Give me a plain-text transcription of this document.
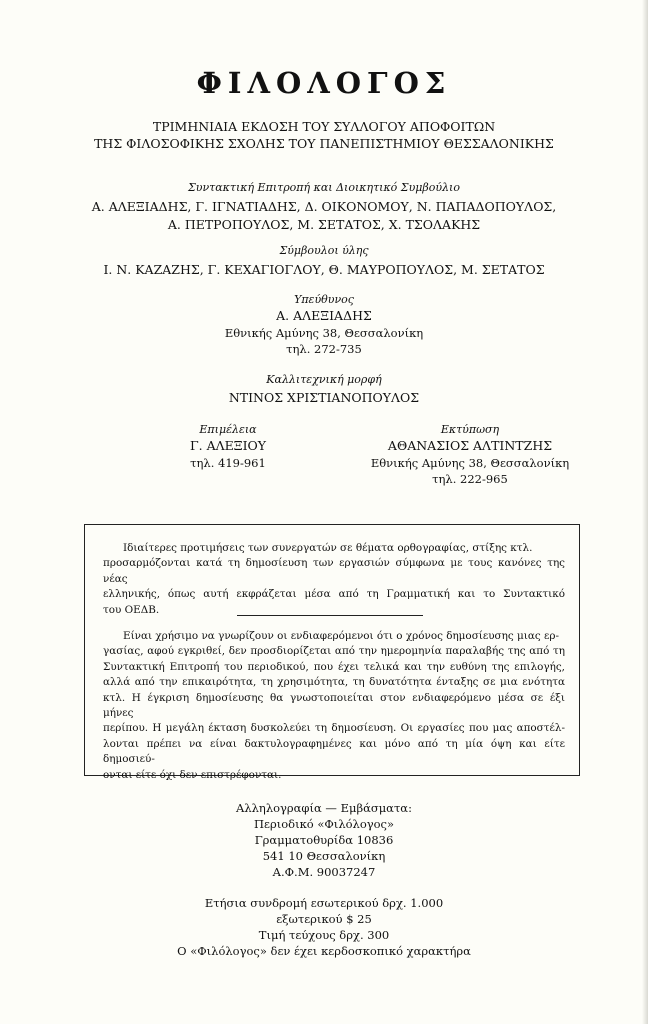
ΦΙΛΟΛΟΓΟΣ
ΤΡΙΜΗΝΙΑΙΑ ΕΚΔΟΣΗ ΤΟΥ ΣΥΛΛΟΓΟΥ ΑΠΟΦΟΙΤΩΝ
ΤΗΣ ΦΙΛΟΣΟΦΙΚΗΣ ΣΧΟΛΗΣ ΤΟΥ ΠΑΝΕΠΙΣΤΗΜΙΟΥ ΘΕΣΣΑΛΟΝΙΚΗΣ
Συντακτική Επιτροπή και Διοικητικό Συμβούλιο
Α. ΑΛΕΞΙΑΔΗΣ, Γ. ΙΓΝΑΤΙΑΔΗΣ, Δ. ΟΙΚΟΝΟΜΟΥ, Ν. ΠΑΠΑΔΟΠΟΥΛΟΣ,
Α. ΠΕΤΡΟΠΟΥΛΟΣ, Μ. ΣΕΤΑΤΟΣ, Χ. ΤΣΟΛΑΚΗΣ
Σύμβουλοι ύλης
Ι. Ν. ΚΑΖΑΖΗΣ, Γ. ΚΕΧΑΓΙΟΓΛΟΥ, Θ. ΜΑΥΡΟΠΟΥΛΟΣ, Μ. ΣΕΤΑΤΟΣ
Υπεύθυνος
Α. ΑΛΕΞΙΑΔΗΣ
Εθνικής Αμύνης 38, Θεσσαλονίκη
τηλ. 272-735
Καλλιτεχνική μορφή
ΝΤΙΝΟΣ ΧΡΙΣΤΙΑΝΟΠΟΥΛΟΣ
Επιμέλεια
Γ. ΑΛΕΞΙΟΥ
τηλ. 419-961
Εκτύπωση
ΑΘΑΝΑΣΙΟΣ ΑΛΤΙΝΤΖΗΣ
Εθνικής Αμύνης 38, Θεσσαλονίκη
τηλ. 222-965
Ιδιαίτερες προτιμήσεις των συνεργατών σε θέματα ορθογραφίας, στίξης κτλ.
προσαρμόζονται κατά τη δημοσίευση των εργασιών σύμφωνα με τους κανόνες της νέας
ελληνικής, όπως αυτή εκφράζεται μέσα από τη Γραμματική και το Συντακτικό
του ΟΕΔΒ.
Είναι χρήσιμο να γνωρίζουν οι ενδιαφερόμενοι ότι ο χρόνος δημοσίευσης μιας ερ-
γασίας, αφού εγκριθεί, δεν προσδιορίζεται από την ημερομηνία παραλαβής της από τη
Συντακτική Επιτροπή του περιοδικού, που έχει τελικά και την ευθύνη της επιλογής,
αλλά από την επικαιρότητα, τη χρησιμότητα, τη δυνατότητα ένταξης σε μια ενότητα
κτλ. Η έγκριση δημοσίευσης θα γνωστοποιείται στον ενδιαφερόμενο μέσα σε έξι μήνες
περίπου. Η μεγάλη έκταση δυσκολεύει τη δημοσίευση. Οι εργασίες που μας αποστέλ-
λονται πρέπει να είναι δακτυλογραφημένες και μόνο από τη μία όψη και είτε δημοσιεύ-
ονται είτε όχι δεν επιστρέφονται.
Αλληλογραφία — Εμβάσματα:
Περιοδικό «Φιλόλογος»
Γραμματοθυρίδα 10836
541 10 Θεσσαλονίκη
Α.Φ.Μ. 90037247
Ετήσια συνδρομή εσωτερικού δρχ. 1.000
εξωτερικού $ 25
Τιμή τεύχους δρχ. 300
Ο «Φιλόλογος» δεν έχει κερδοσκοπικό χαρακτήρα
